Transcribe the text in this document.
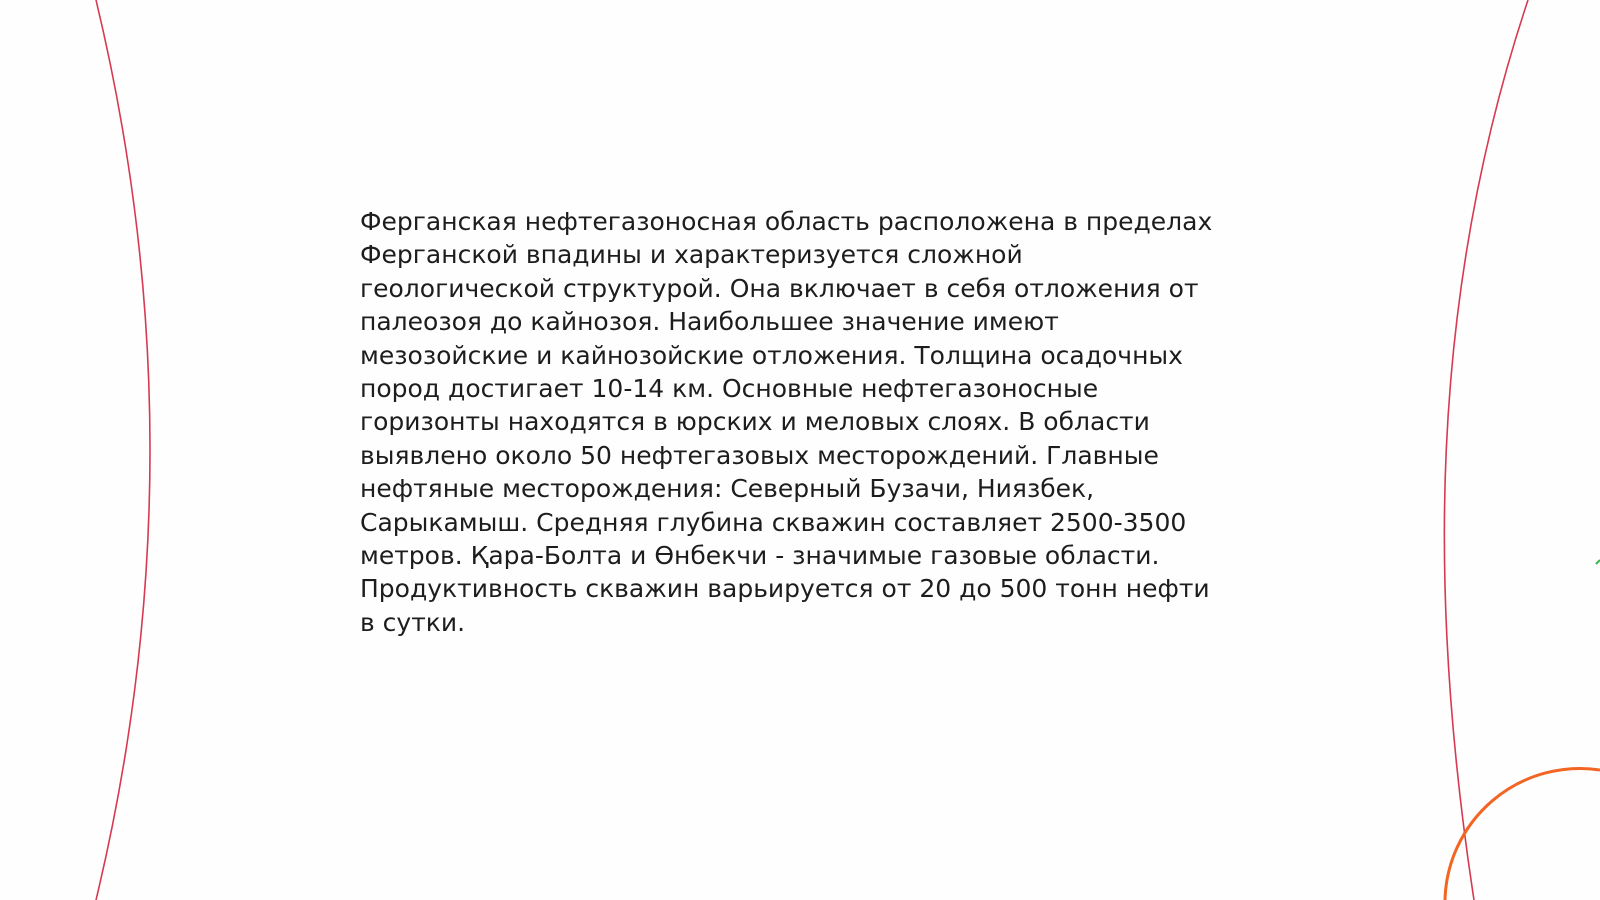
Ферганская нефтегазоносная область расположена в пределах
Ферганской впадины и характеризуется сложной
геологической структурой. Она включает в себя отложения от
палеозоя до кайнозоя. Наибольшее значение имеют
мезозойские и кайнозойские отложения. Толщина осадочных
пород достигает 10-14 км. Основные нефтегазоносные
горизонты находятся в юрских и меловых слоях. В области
выявлено около 50 нефтегазовых месторождений. Главные
нефтяные месторождения: Северный Бузачи, Ниязбек,
Сарыкамыш. Средняя глубина скважин составляет 2500-3500
метров. Қара-Болта и Өнбекчи - значимые газовые области.
Продуктивность скважин варьируется от 20 до 500 тонн нефти
в сутки.
